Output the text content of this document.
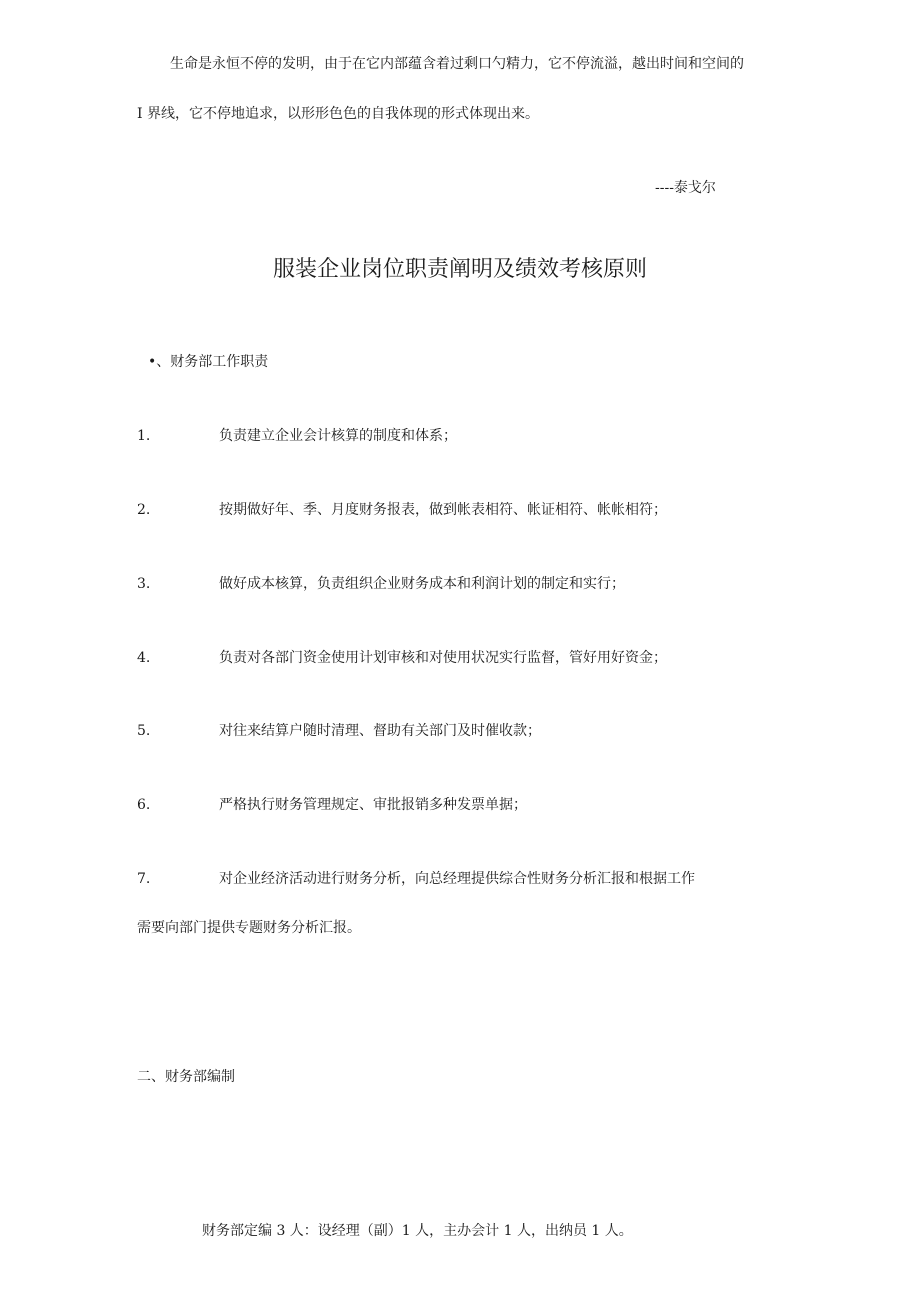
生命是永恒不停的发明，由于在它内部蕴含着过剩口勺精力，它不停流溢，越出时间和空间的
I 界线，它不停地追求，以形形色色的自我体现的形式体现出来。
----泰戈尔
服装企业岗位职责阐明及绩效考核原则
•、财务部工作职责
1.	负责建立企业会计核算的制度和体系；
2.	按期做好年、季、月度财务报表，做到帐表相符、帐证相符、帐帐相符；
3.	做好成本核算，负责组织企业财务成本和利润计划的制定和实行；
4.	负责对各部门资金使用计划审核和对使用状况实行监督，管好用好资金；
5.	对往来结算户随时清理、督助有关部门及时催收款；
6.	严格执行财务管理规定、审批报销多种发票单据；
7.	对企业经济活动进行财务分析，向总经理提供综合性财务分析汇报和根据工作
需要向部门提供专题财务分析汇报。
二、财务部编制
财务部定编 3 人：设经理（副）1 人，主办会计 1 人，出纳员 1 人。
